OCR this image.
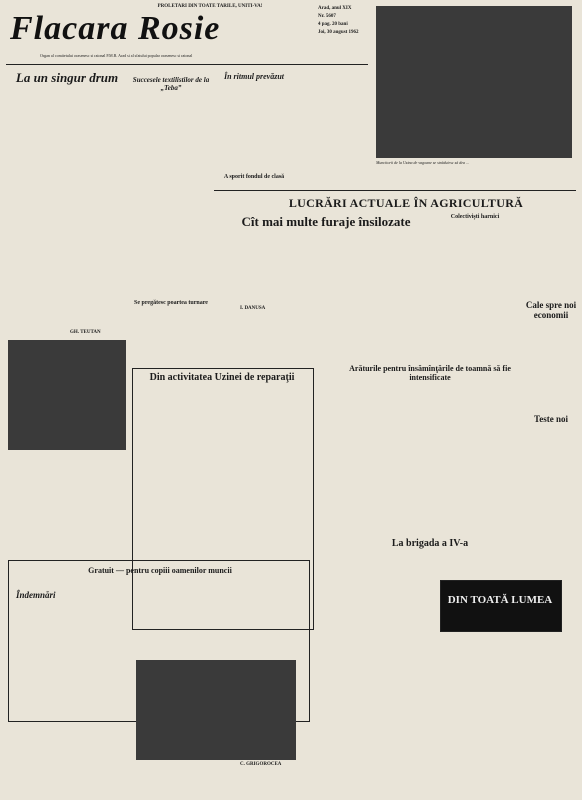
PROLETARI DIN TOATE TARILE, UNITI-VA!
Flacara Rosie
Organ al comitetului orasenesc si raional P.M.R. Arad si al sfatului popular orasenesc si raional
Arad, anul XIX
Nr. 5607
4 pag. 20 bani
Joi, 30 august 1962
Muncitorii de la Uzina de vagoane se străduiesc să dea ...
La un singur drum
GH. TEUTAN
Succesele textilistilor de la „Teba”
Se pregătesc poartea turnare
În ritmul prevăzut
A sporit fondul de clasă
I. DANUSA
LUCRĂRI ACTUALE ÎN AGRICULTURĂ
Cît mai multe furaje însilozate	Colectivişti harnici
Arăturile pentru însămînţările de toamnă să fie intensificate
Cale spre noi economii
Teste noi
Din activitatea Uzinei de reparaţii
La brigada a IV-a
Gratuit — pentru copiii oamenilor muncii
Îndemnări	DIN TOATĂ LUMEA
C. GRIGOROCEA
